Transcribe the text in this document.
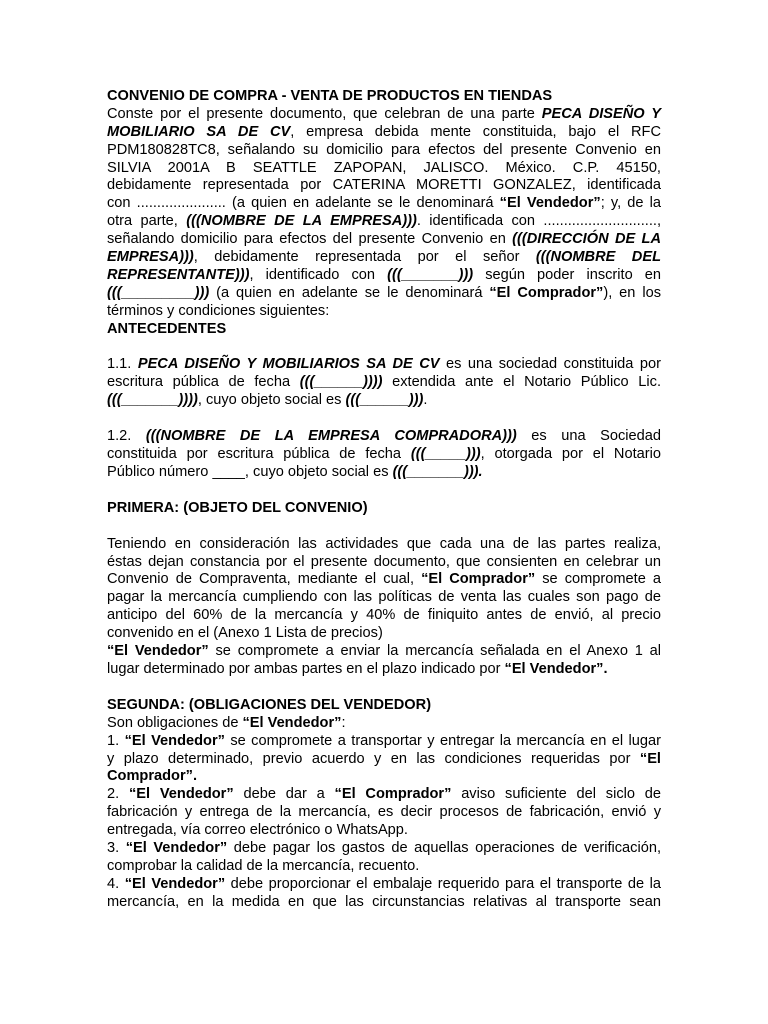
CONVENIO DE COMPRA - VENTA DE PRODUCTOS EN TIENDAS
Conste por el presente documento, que celebran de una parte PECA DISEÑO Y
MOBILIARIO SA DE CV, empresa debida mente constituida, bajo el RFC
PDM180828TC8, señalando su domicilio para efectos del presente Convenio en
SILVIA 2001A B SEATTLE ZAPOPAN, JALISCO. México. C.P. 45150,
debidamente representada por CATERINA MORETTI GONZALEZ, identificada
con ...................... (a quien en adelante se le denominará “El Vendedor”; y, de la
otra parte, (((NOMBRE DE LA EMPRESA))). identificada con ............................,
señalando domicilio para efectos del presente Convenio en (((DIRECCIÓN DE LA
EMPRESA))), debidamente representada por el señor (((NOMBRE DEL
REPRESENTANTE))), identificado con (((_______))) según poder inscrito en
(((_________))) (a quien en adelante se le denominará “El Comprador”), en los
términos y condiciones siguientes:
ANTECEDENTES
1.1. PECA DISEÑO Y MOBILIARIOS SA DE CV es una sociedad constituida por
escritura pública de fecha (((______)))) extendida ante el Notario Público Lic.
(((_______)))), cuyo objeto social es (((______))).
1.2. (((NOMBRE DE LA EMPRESA COMPRADORA))) es una Sociedad
constituida por escritura pública de fecha (((_____))), otorgada por el Notario
Público número ____, cuyo objeto social es (((_______))).
PRIMERA: (OBJETO DEL CONVENIO)
Teniendo en consideración las actividades que cada una de las partes realiza,
éstas dejan constancia por el presente documento, que consienten en celebrar un
Convenio de Compraventa, mediante el cual, “El Comprador” se compromete a
pagar la mercancía cumpliendo con las políticas de venta las cuales son pago de
anticipo del 60% de la mercancía y 40% de finiquito antes de envió, al precio
convenido en el (Anexo 1 Lista de precios)
“El Vendedor” se compromete a enviar la mercancía señalada en el Anexo 1 al
lugar determinado por ambas partes en el plazo indicado por “El Vendedor”.
SEGUNDA: (OBLIGACIONES DEL VENDEDOR)
Son obligaciones de “El Vendedor”:
1. “El Vendedor” se compromete a transportar y entregar la mercancía en el lugar
y plazo determinado, previo acuerdo y en las condiciones requeridas por “El
Comprador”.
2. “El Vendedor” debe dar a “El Comprador” aviso suficiente del siclo de
fabricación y entrega de la mercancía, es decir procesos de fabricación, envió y
entregada, vía correo electrónico o WhatsApp.
3. “El Vendedor” debe pagar los gastos de aquellas operaciones de verificación,
comprobar la calidad de la mercancía, recuento.
4. “El Vendedor” debe proporcionar el embalaje requerido para el transporte de la
mercancía, en la medida en que las circunstancias relativas al transporte sean
